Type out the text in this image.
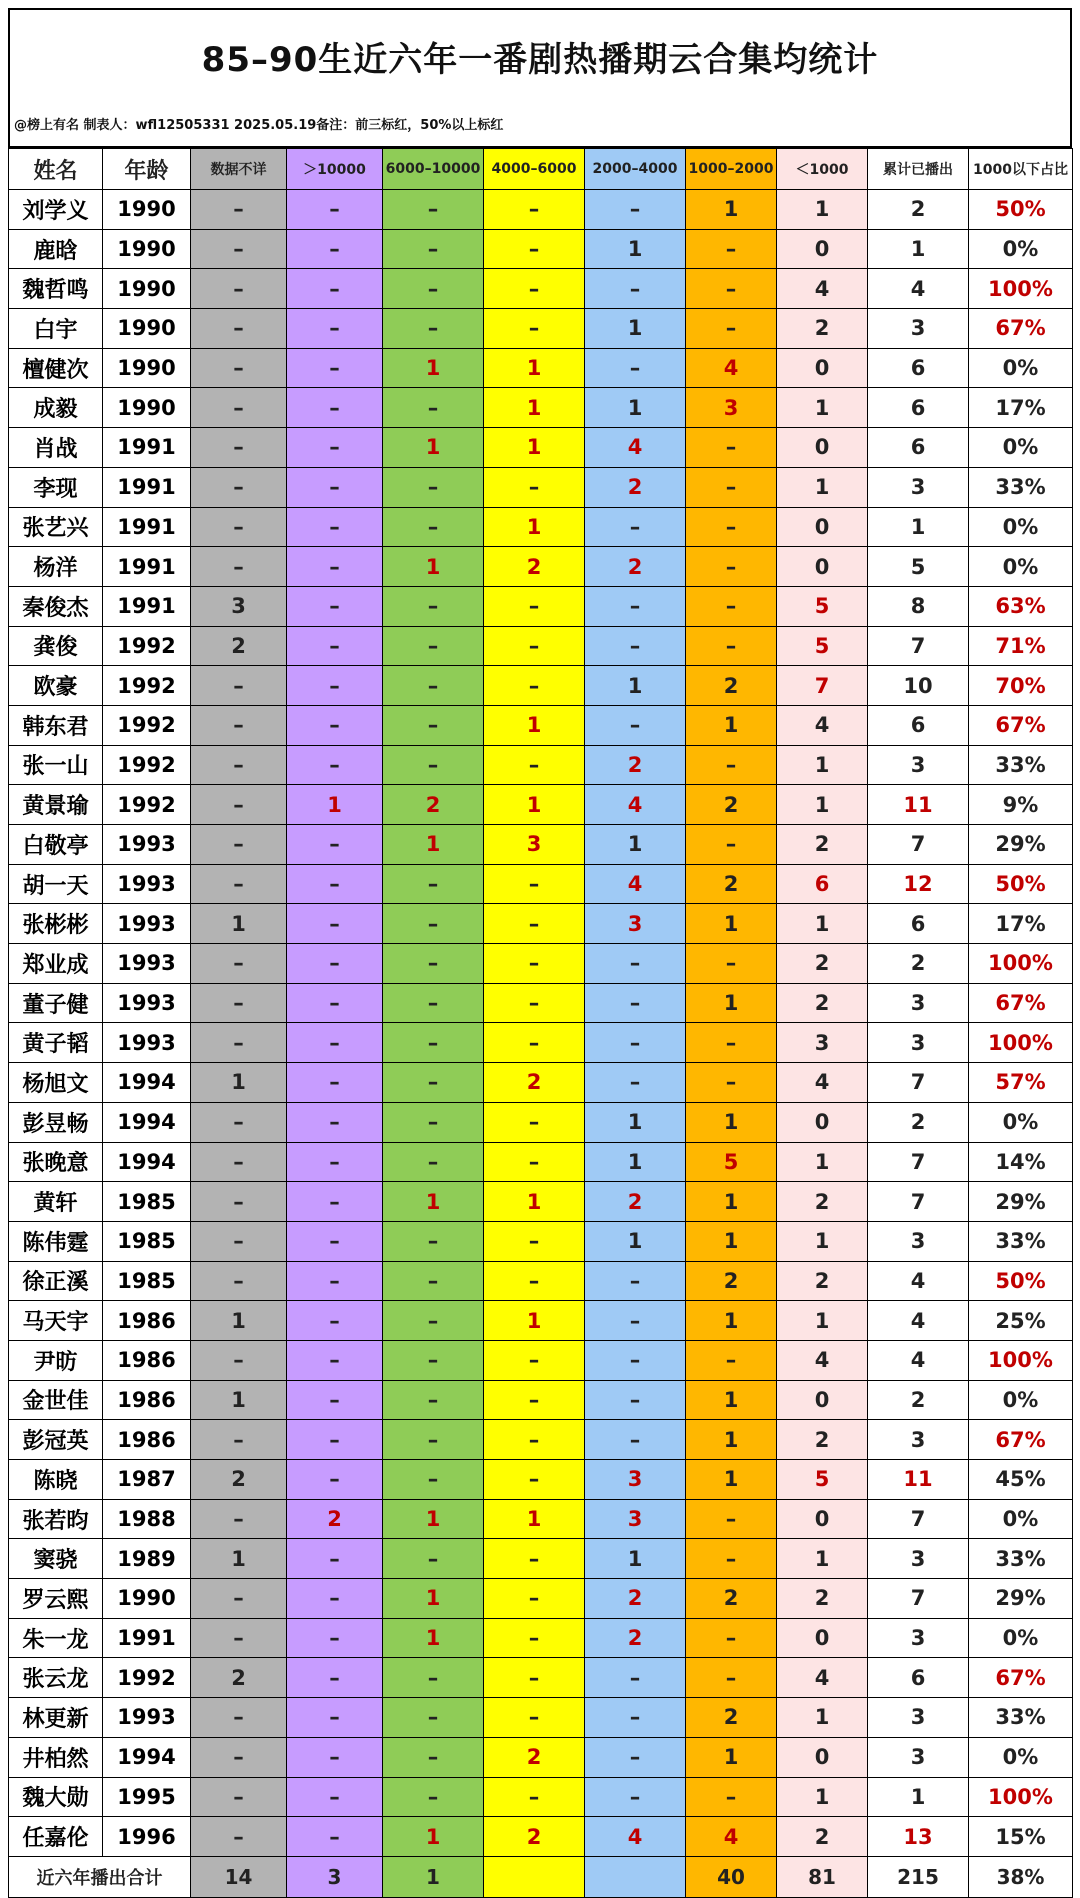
85–90生近六年一番剧热播期云合集均统计
@榜上有名 制表人：wfl12505331 2025.05.19备注：前三标红，50%以上标红
姓名	年龄	数据不详	＞10000	6000–10000	4000–6000	2000–4000	1000–2000	＜1000	累计已播出	1000以下占比
刘学义	1990	–	–	–	–	–	1	1	2	50%
鹿晗	1990	–	–	–	–	1	–	0	1	0%
魏哲鸣	1990	–	–	–	–	–	–	4	4	100%
白宇	1990	–	–	–	–	1	–	2	3	67%
檀健次	1990	–	–	1	1	–	4	0	6	0%
成毅	1990	–	–	–	1	1	3	1	6	17%
肖战	1991	–	–	1	1	4	–	0	6	0%
李现	1991	–	–	–	–	2	–	1	3	33%
张艺兴	1991	–	–	–	1	–	–	0	1	0%
杨洋	1991	–	–	1	2	2	–	0	5	0%
秦俊杰	1991	3	–	–	–	–	–	5	8	63%
龚俊	1992	2	–	–	–	–	–	5	7	71%
欧豪	1992	–	–	–	–	1	2	7	10	70%
韩东君	1992	–	–	–	1	–	1	4	6	67%
张一山	1992	–	–	–	–	2	–	1	3	33%
黄景瑜	1992	–	1	2	1	4	2	1	11	9%
白敬亭	1993	–	–	1	3	1	–	2	7	29%
胡一天	1993	–	–	–	–	4	2	6	12	50%
张彬彬	1993	1	–	–	–	3	1	1	6	17%
郑业成	1993	–	–	–	–	–	–	2	2	100%
董子健	1993	–	–	–	–	–	1	2	3	67%
黄子韬	1993	–	–	–	–	–	–	3	3	100%
杨旭文	1994	1	–	–	2	–	–	4	7	57%
彭昱畅	1994	–	–	–	–	1	1	0	2	0%
张晚意	1994	–	–	–	–	1	5	1	7	14%
黄轩	1985	–	–	1	1	2	1	2	7	29%
陈伟霆	1985	–	–	–	–	1	1	1	3	33%
徐正溪	1985	–	–	–	–	–	2	2	4	50%
马天宇	1986	1	–	–	1	–	1	1	4	25%
尹昉	1986	–	–	–	–	–	–	4	4	100%
金世佳	1986	1	–	–	–	–	1	0	2	0%
彭冠英	1986	–	–	–	–	–	1	2	3	67%
陈晓	1987	2	–	–	–	3	1	5	11	45%
张若昀	1988	–	2	1	1	3	–	0	7	0%
窦骁	1989	1	–	–	–	1	–	1	3	33%
罗云熙	1990	–	–	1	–	2	2	2	7	29%
朱一龙	1991	–	–	1	–	2	–	0	3	0%
张云龙	1992	2	–	–	–	–	–	4	6	67%
林更新	1993	–	–	–	–	–	2	1	3	33%
井柏然	1994	–	–	–	2	–	1	0	3	0%
魏大勋	1995	–	–	–	–	–	–	1	1	100%
任嘉伦	1996	–	–	1	2	4	4	2	13	15%
近六年播出合计		14	3	1			40	81	215	38%
